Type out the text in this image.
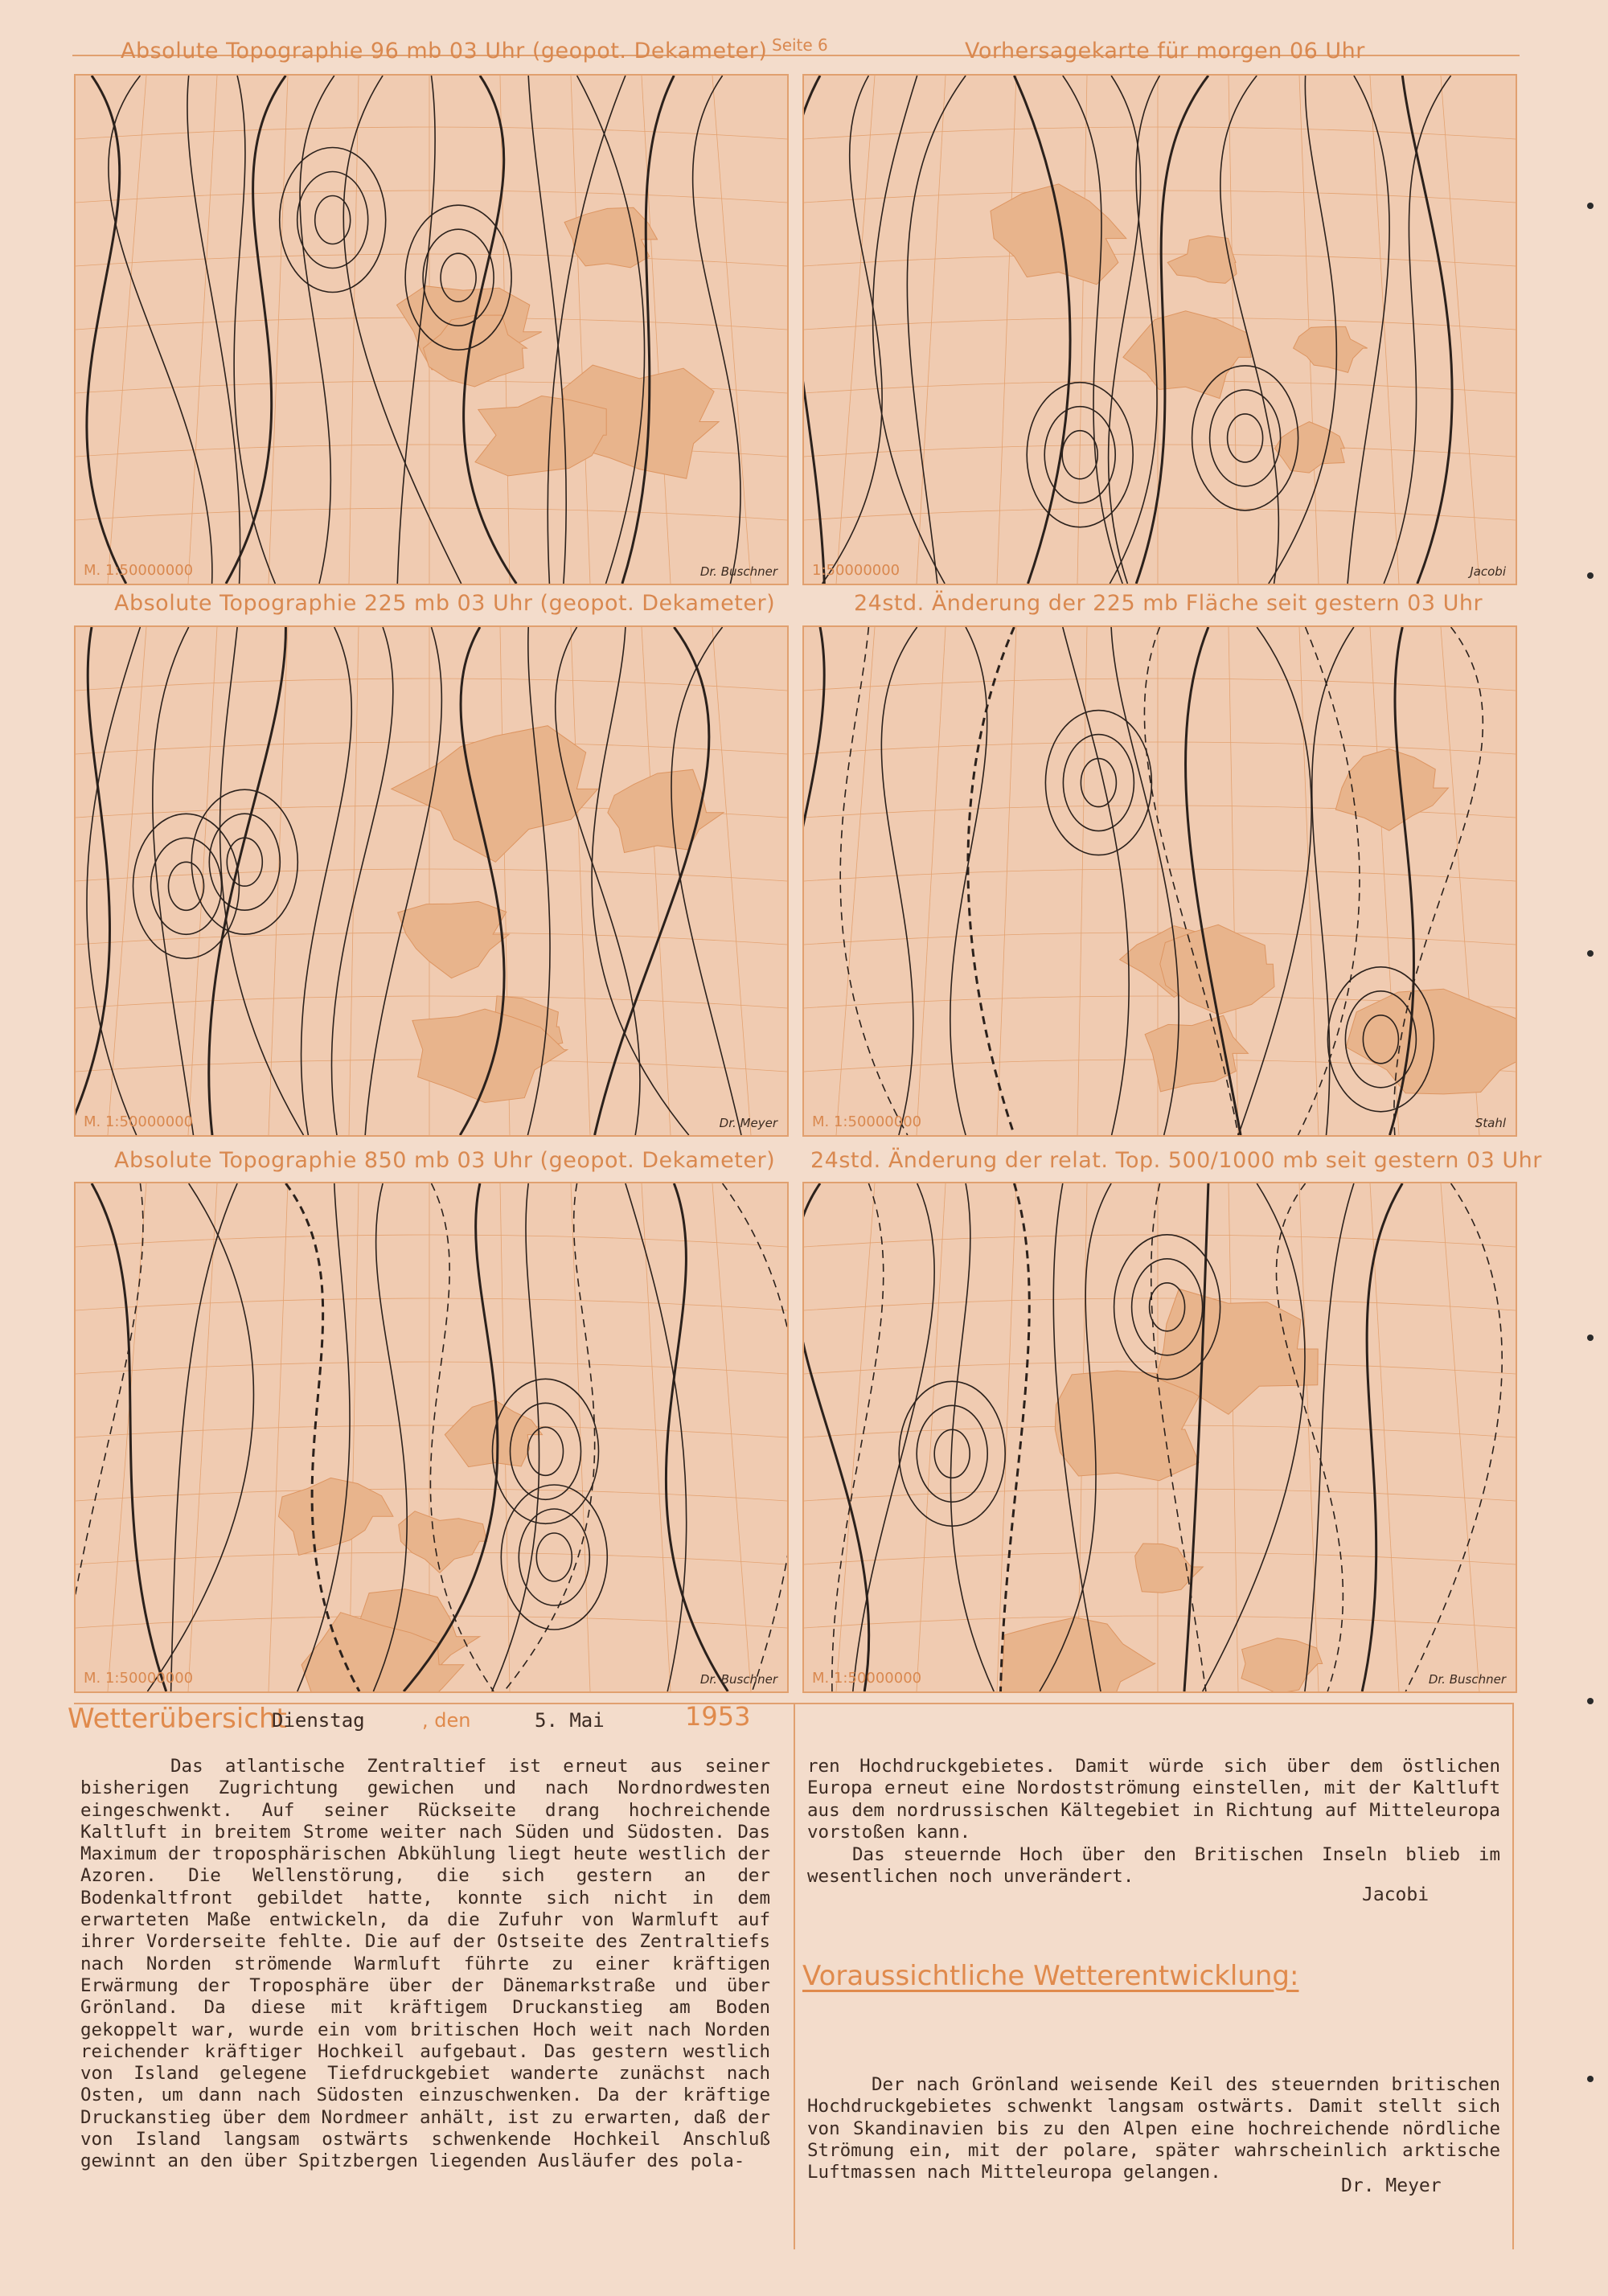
Seite 6
Absolute Topographie 96 mb 03 Uhr (geopot. Dekameter)	Vorhersagekarte für morgen 06 Uhr
Absolute Topographie 225 mb 03 Uhr (geopot. Dekameter)	24std. Änderung der 225 mb Fläche seit gestern 03 Uhr
Absolute Topographie 850 mb 03 Uhr (geopot. Dekameter) 24std. Änderung der relat. Top. 500/1000 mb seit gestern 03 Uhr
M. 1:50000000	Dr. Buschner 1:50000000	Jacobi
M. 1:50000000	Dr. Meyer M. 1:50000000	Stahl
M. 1:50000000	Dr. Buschner M. 1:50000000	Dr. Buschner
Wetterübersicht
Dienstag	, den	5. Mai	1953
Das atlantische Zentraltief ist erneut aus seiner bisherigen Zugrichtung gewichen und nach Nordnordwesten eingeschwenkt. Auf seiner Rückseite drang hochreichende Kaltluft in breitem Strome weiter nach Süden und Südosten. Das Maximum der troposphärischen Abkühlung liegt heute westlich der Azoren. Die Wellenstörung, die sich gestern an der Bodenkaltfront gebildet hatte, konnte sich nicht in dem erwarteten Maße entwickeln, da die Zufuhr von Warmluft auf ihrer Vorderseite fehlte. Die auf der Ostseite des Zentraltiefs nach Norden strömende Warmluft führte zu einer kräftigen Erwärmung der Troposphäre über der Dänemarkstraße und über Grönland. Da diese mit kräftigem Druckanstieg am Boden gekoppelt war, wurde ein vom britischen Hoch weit nach Norden reichender kräftiger Hochkeil aufgebaut. Das gestern westlich von Island gelegene Tiefdruckgebiet wanderte zunächst nach Osten, um dann nach Südosten einzuschwenken. Da der kräftige Druckanstieg über dem Nordmeer anhält, ist zu erwarten, daß der von Island langsam ostwärts schwenkende Hochkeil Anschluß gewinnt an den über Spitzbergen liegenden Ausläufer des pola-
ren Hochdruckgebietes. Damit würde sich über dem östlichen Europa erneut eine Nordostströmung einstellen, mit der Kaltluft aus dem nordrussischen Kältegebiet in Richtung auf Mitteleuropa vorstoßen kann.
Das steuernde Hoch über den Britischen Inseln blieb im wesentlichen noch unverändert.
Jacobi
Voraussichtliche Wetterentwicklung:
Der nach Grönland weisende Keil des steuernden britischen Hochdruckgebietes schwenkt langsam ostwärts. Damit stellt sich von Skandinavien bis zu den Alpen eine hochreichende nördliche Strömung ein, mit der polare, später wahrscheinlich arktische Luftmassen nach Mitteleuropa gelangen.
Dr. Meyer
